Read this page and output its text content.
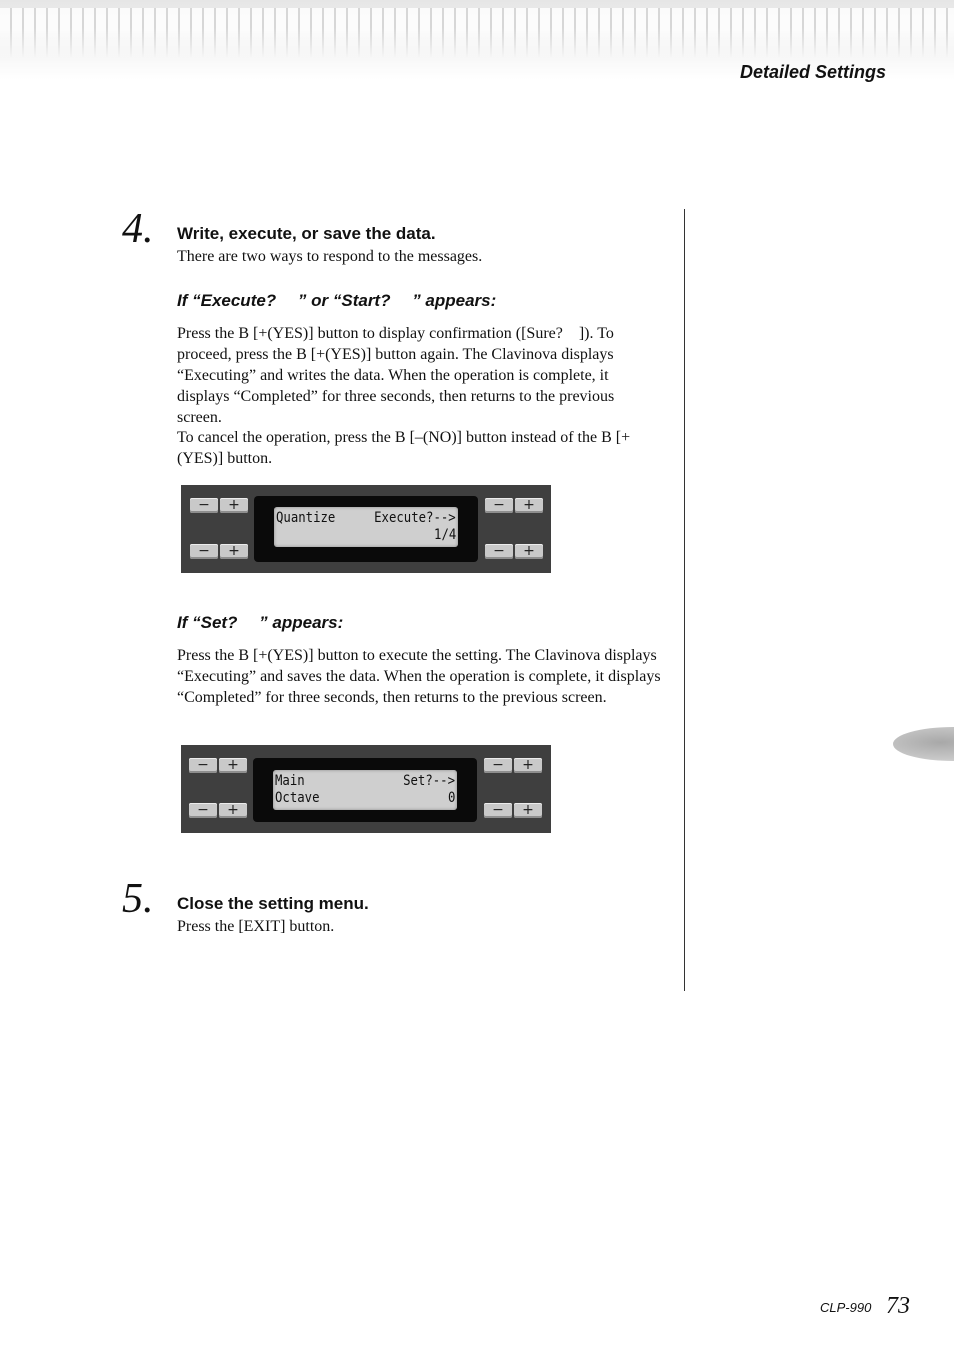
Detailed Settings

4. Write, execute, or save the data.

There are two ways to respond to the messages.

If “Execute?  ” or “Start?  ” appears:

Press the B [+(YES)] button to display confirmation ([Sure? ]). To proceed, press the B [+(YES)] button again. The Clavinova displays “Executing” and writes the data. When the operation is complete, it displays “Completed” for three seconds, then returns to the previous screen.

To cancel the operation, press the B [–(NO)] button instead of the B [+(YES)] button.

−	+
−	+
−	+
−	+
Quantize	Execute?-->
1/4

If “Set?  ” appears:

Press the B [+(YES)] button to execute the setting. The Clavinova displays “Executing” and saves the data. When the operation is complete, it displays “Completed” for three seconds, then returns to the previous screen.

−	+
−	+
−	+
−	+
Main	Set?-->
Octave	0

5. Close the setting menu.

Press the [EXIT] button.

CLP-990 73
